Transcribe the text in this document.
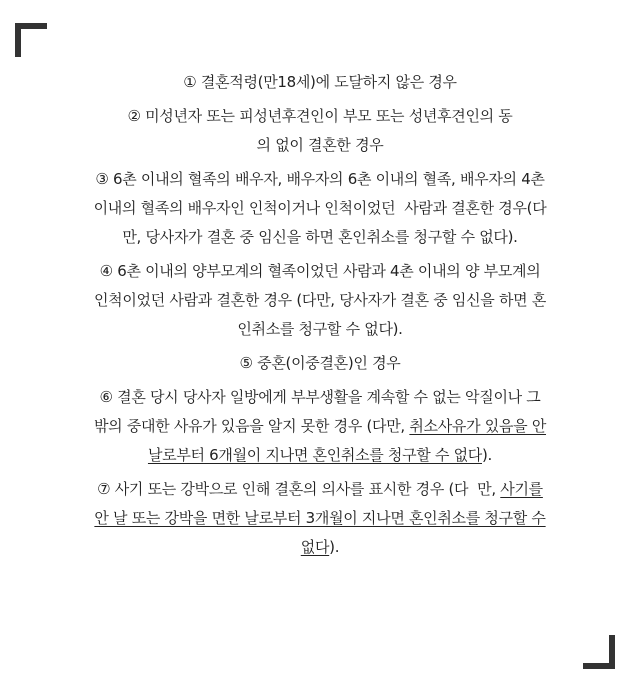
① 결혼적령(만18세)에 도달하지 않은 경우
② 미성년자 또는 피성년후견인이 부모 또는 성년후견인의 동
의 없이 결혼한 경우
③ 6촌 이내의 혈족의 배우자, 배우자의 6촌 이내의 혈족, 배우자의 4촌
이내의 혈족의 배우자인 인척이거나 인척이었던  사람과 결혼한 경우(다
만, 당사자가 결혼 중 임신을 하면 혼인취소를 청구할 수 없다).
④ 6촌 이내의 양부모계의 혈족이었던 사람과 4촌 이내의 양 부모계의
인척이었던 사람과 결혼한 경우 (다만, 당사자가 결혼 중 임신을 하면 혼
인취소를 청구할 수 없다).
⑤ 중혼(이중결혼)인 경우
⑥ 결혼 당시 당사자 일방에게 부부생활을 계속할 수 없는 악질이나 그
밖의 중대한 사유가 있음을 알지 못한 경우 (다만, 취소사유가 있음을 안
날로부터 6개월이 지나면 혼인취소를 청구할 수 없다).
⑦ 사기 또는 강박으로 인해 결혼의 의사를 표시한 경우 (다  만, 사기를
안 날 또는 강박을 면한 날로부터 3개월이 지나면 혼인취소를 청구할 수
없다).
